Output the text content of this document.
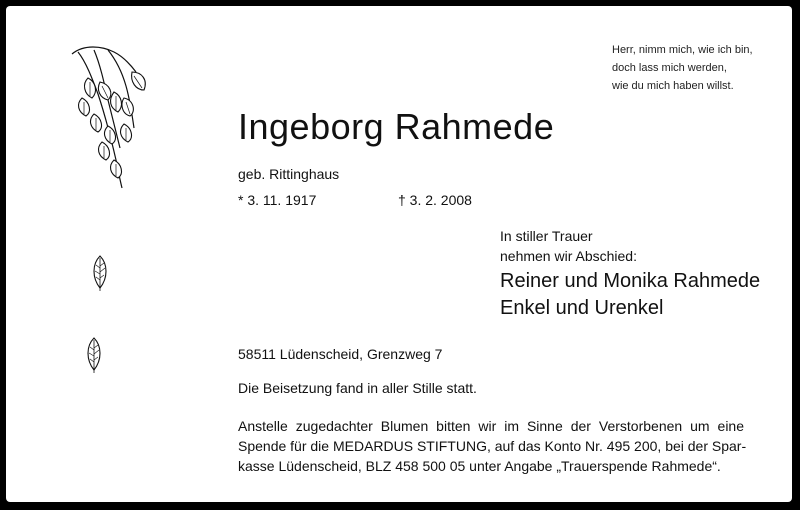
Herr, nimm mich, wie ich bin,
doch lass mich werden,
wie du mich haben willst.
Ingeborg Rahmede
geb. Rittinghaus
* 3. 11. 1917	† 3. 2. 2008
In stiller Trauer
nehmen wir Abschied:
Reiner und Monika Rahmede
Enkel und Urenkel
58511 Lüdenscheid, Grenzweg 7
Die Beisetzung fand in aller Stille statt.
Anstelle zugedachter Blumen bitten wir im Sinne der Verstorbenen um eine
Spende für die MEDARDUS STIFTUNG, auf das Konto Nr. 495 200, bei der Spar-
kasse Lüdenscheid, BLZ 458 500 05 unter Angabe „Trauerspende Rahmede“.
